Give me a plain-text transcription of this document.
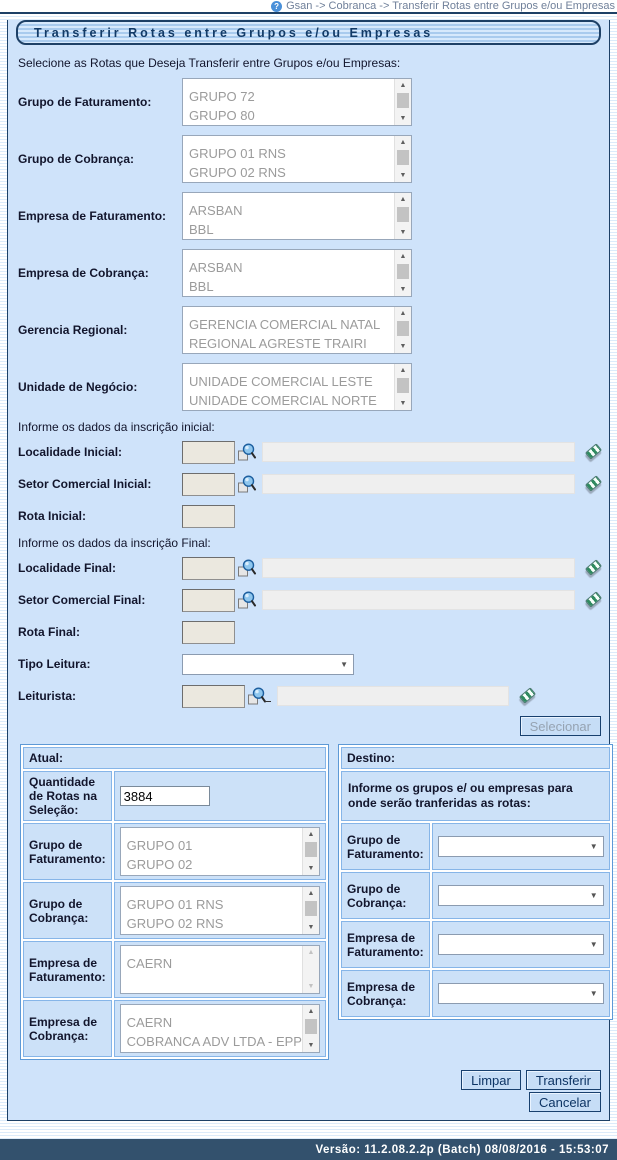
? Gsan -> Cobranca -> Transferir Rotas entre Grupos e/ou Empresas
Transferir Rotas entre Grupos e/ou Empresas
Selecione as Rotas que Deseja Transferir entre Grupos e/ou Empresas:
Grupo de Faturamento:	GRUPO 72
GRUPO 80
▲
▼
Grupo de Cobrança:	GRUPO 01 RNS
GRUPO 02 RNS
▲
▼
Empresa de Faturamento:	ARSBAN
BBL
▲
▼
Empresa de Cobrança:	ARSBAN
BBL
▲
▼
Gerencia Regional:	GERENCIA COMERCIAL NATAL
REGIONAL AGRESTE TRAIRI
▲
▼
Unidade de Negócio:	UNIDADE COMERCIAL LESTE
UNIDADE COMERCIAL NORTE
▲
▼
Informe os dados da inscrição inicial:
Localidade Inicial:
Setor Comercial Inicial:
Rota Inicial:
Informe os dados da inscrição Final:
Localidade Final:
Setor Comercial Final:
Rota Final:
Tipo Leitura:	▼
Leiturista:
Selecionar
Atual:	
Quantidade de Rotas na Seleção:	3884
Grupo de Faturamento:	GRUPO 01
GRUPO 02
▲
▼

Grupo de Cobrança:	GRUPO 01 RNS
GRUPO 02 RNS
▲
▼

Empresa de Faturamento:	CAERN
▲
▼

Empresa de Cobrança:	CAERN
COBRANCA ADV LTDA - EPP
▲
▼
Destino:	
Informe os grupos e/ ou empresas para onde serão tranferidas as rotas:	
Grupo de Faturamento:	▼

Grupo de Cobrança:	▼

Empresa de Faturamento:	▼

Empresa de Cobrança:	▼
Limpar	Transferir
Cancelar
Versão: 11.2.08.2.2p (Batch) 08/08/2016 - 15:53:07
